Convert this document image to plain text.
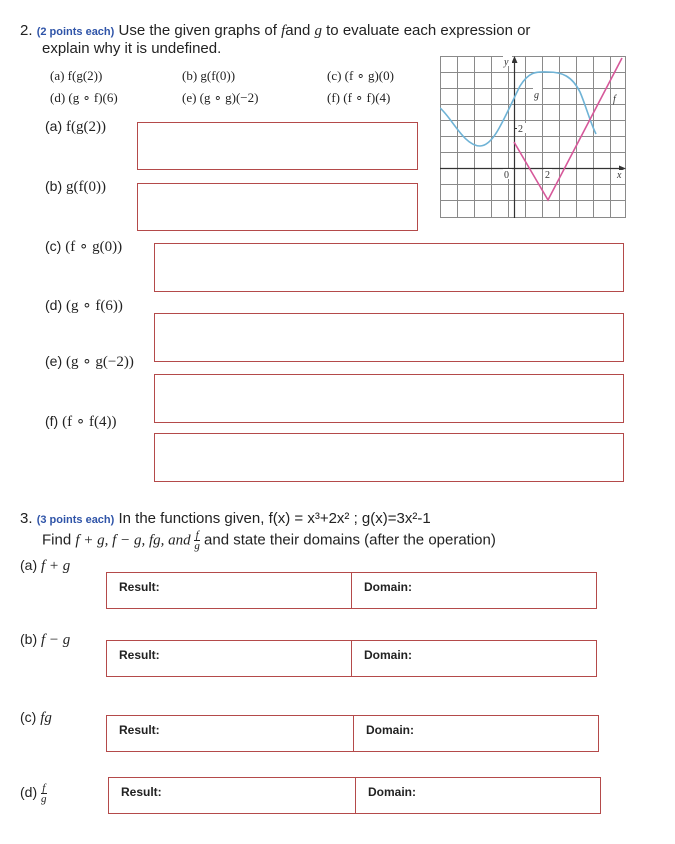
2. (2 points each) Use the given graphs of fand g to evaluate each expression or
explain why it is undefined.
(a) f(g(2))	(b) g(f(0))	(c) (f ∘ g)(0)
(d) (g ∘ f)(6)	(e) (g ∘ g)(−2)	(f) (f ∘ f)(4)
y
x
0	2
2
g	f
(a) f(g(2))
(b) g(f(0))
(c) (f ∘ g(0))
(d) (g ∘ f(6))
(e) (g ∘ g(−2))
(f) (f ∘ f(4))
3. (3 points each) In the functions given, f(x) = x³+2x² ; g(x)=3x²-1
Find f + g, f − g, fg, and $\frac{f}{g}$ and state their domains (after the operation)
(a) f + g
Result:	Domain:
(b) f − g
Result:	Domain:
(c) fg
Result:	Domain:
$(d) \frac{f}{g}$	Result:	Domain:
